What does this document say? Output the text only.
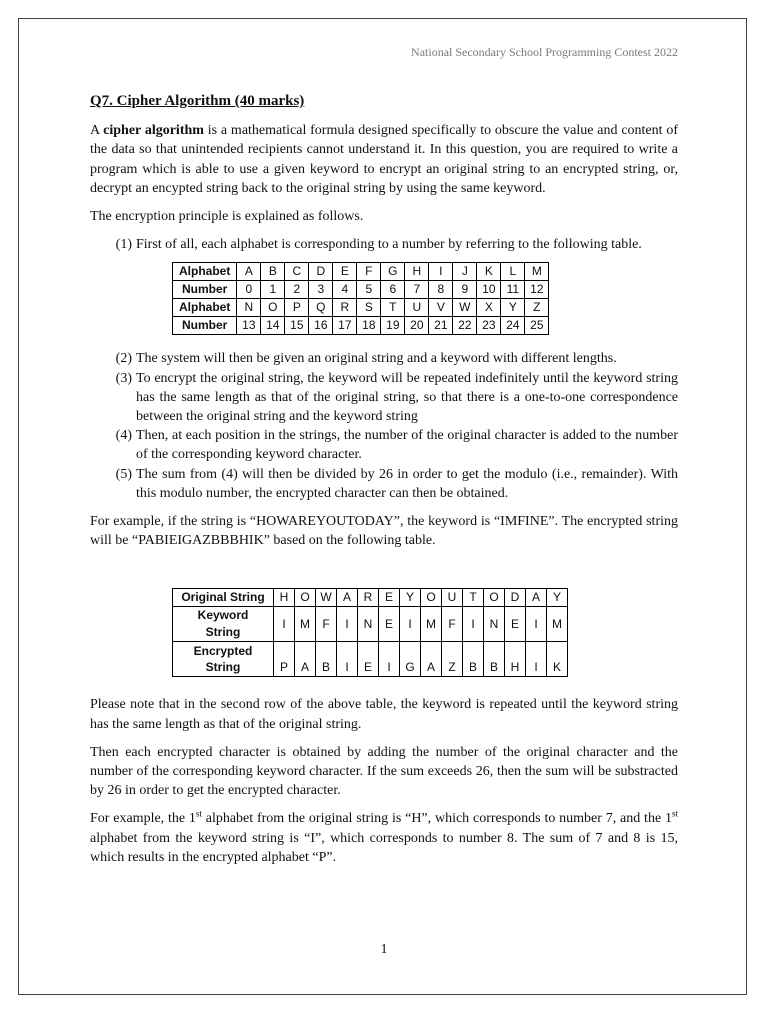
National Secondary School Programming Contest 2022
Q7. Cipher Algorithm (40 marks)

A cipher algorithm is a mathematical formula designed specifically to obscure the value and content of the data so that unintended recipients cannot understand it. In this question, you are required to write a program which is able to use a given keyword to encrypt an original string to an encrypted string, or, decrypt an encypted string back to the original string by using the same keyword.

The encryption principle is explained as follows.

(1) First of all, each alphabet is corresponding to a number by referring to the following table.
Alphabet	A	B	C	D	E	F	G	H	I	J	K	L	M
Number	0	1	2	3	4	5	6	7	8	9	10	11	12
Alphabet	N	O	P	Q	R	S	T	U	V	W	X	Y	Z
Number	13	14	15	16	17	18	19	20	21	22	23	24	25
(2) The system will then be given an original string and a keyword with different lengths.
(3) To encrypt the original string, the keyword will be repeated indefinitely until the keyword string has the same length as that of the original string, so that there is a one-to-one correspondence between the original string and the keyword string
(4) Then, at each position in the strings, the number of the original character is added to the number of the corresponding keyword character.
(5) The sum from (4) will then be divided by 26 in order to get the modulo (i.e., remainder). With this modulo number, the encrypted character can then be obtained.

For example, if the string is “HOWAREYOUTODAY”, the keyword is “IMFINE”. The encrypted string will be “PABIEIGAZBBBHIK” based on the following table.

Original String	H	O	W	A	R	E	Y	O	U	T	O	D	A	Y
Keyword String	I	M	F	I	N	E	I	M	F	I	N	E	I	M
Encrypted String	P	A	B	I	E	I	G	A	Z	B	B	H	I	K

Please note that in the second row of the above table, the keyword is repeated until the keyword string has the same length as that of the original string.

Then each encrypted character is obtained by adding the number of the original character and the number of the corresponding keyword character. If the sum exceeds 26, then the sum will be substracted by 26 in order to get the encrypted character.

For example, the 1st alphabet from the original string is “H”, which corresponds to number 7, and the 1st alphabet from the keyword string is “I”, which corresponds to number 8. The sum of 7 and 8 is 15, which results in the encrypted alphabet “P”.

1
